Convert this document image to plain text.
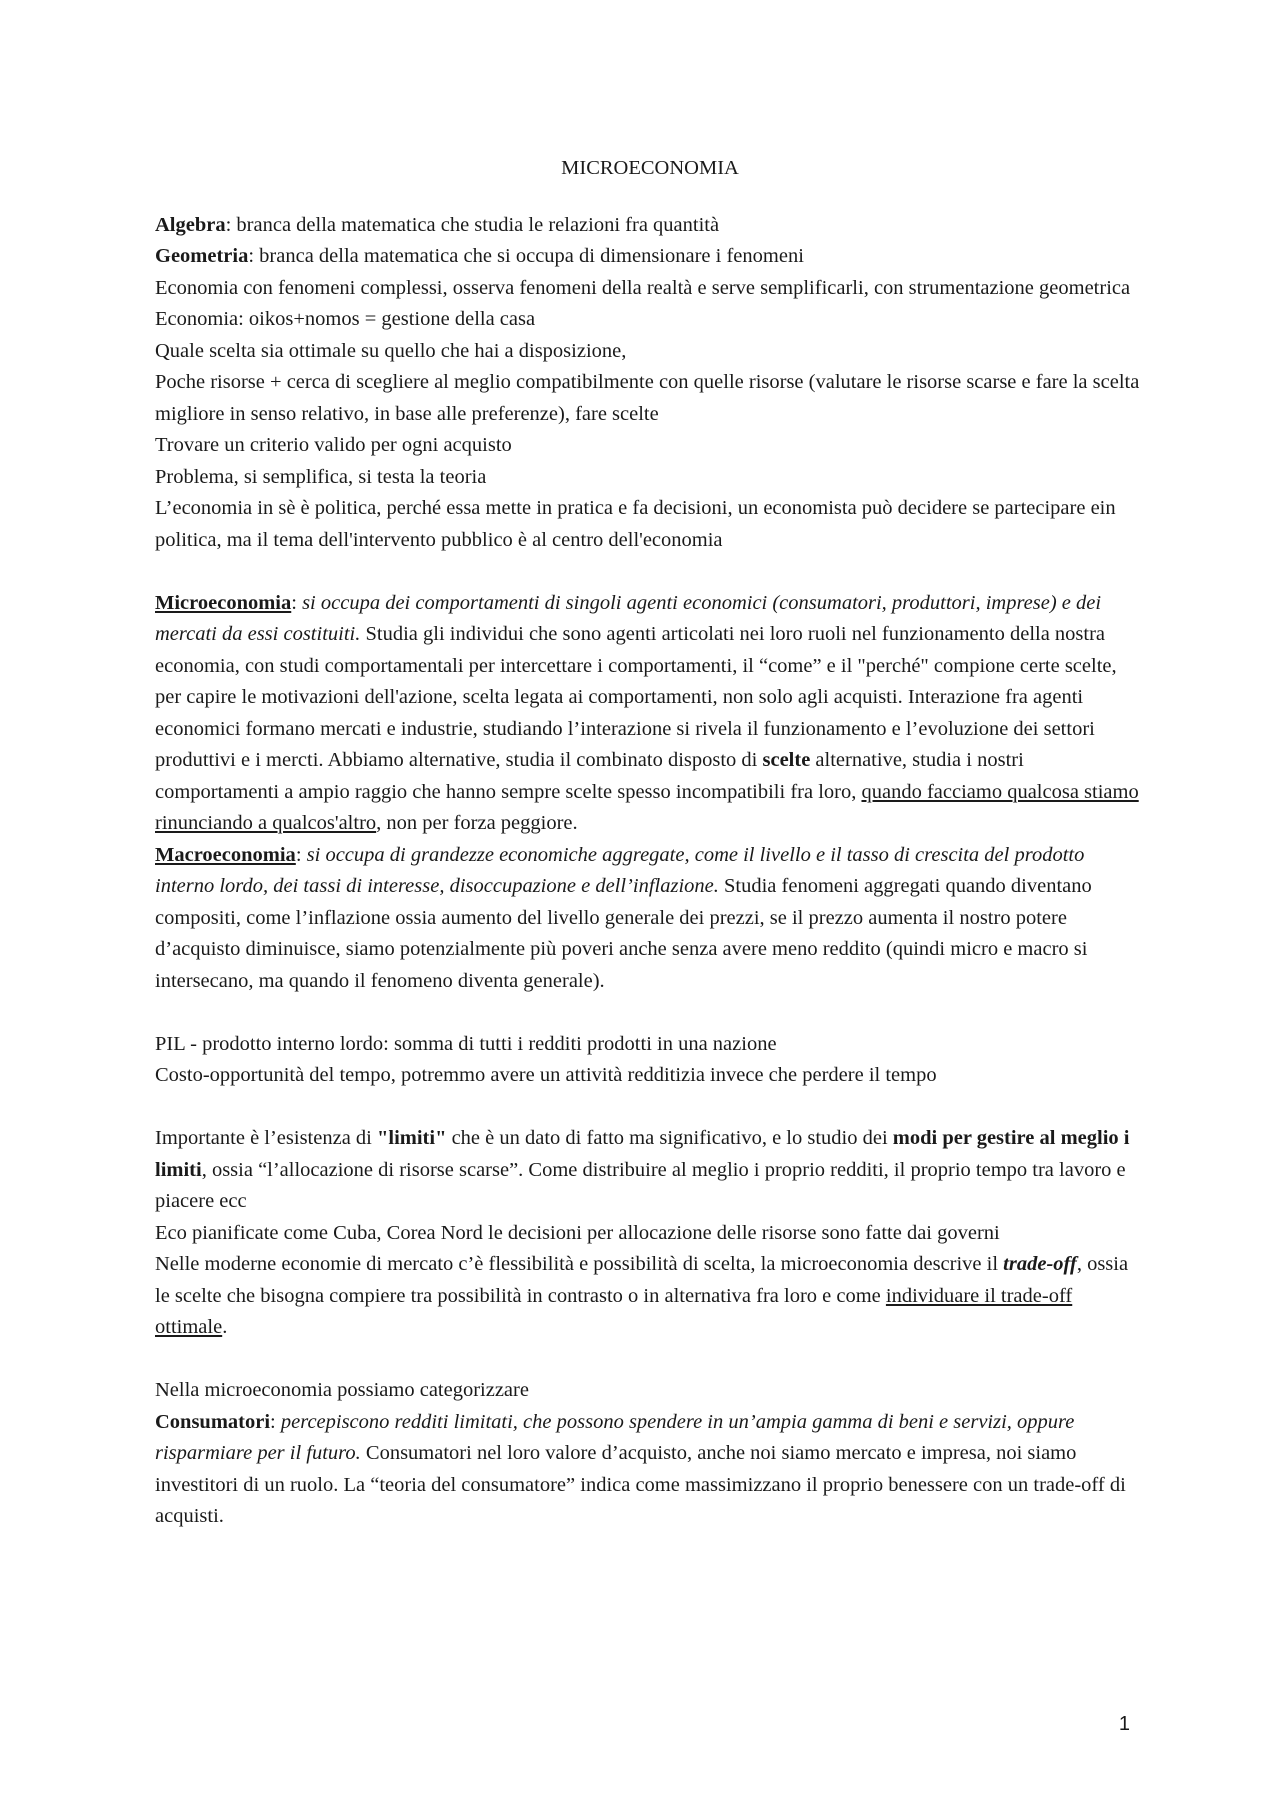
MICROECONOMIA

Algebra: branca della matematica che studia le relazioni fra quantità

Geometria: branca della matematica che si occupa di dimensionare i fenomeni

Economia con fenomeni complessi, osserva fenomeni della realtà e serve semplificarli, con strumentazione geometrica

Economia: oikos+nomos = gestione della casa

Quale scelta sia ottimale su quello che hai a disposizione,

Poche risorse + cerca di scegliere al meglio compatibilmente con quelle risorse (valutare le risorse scarse e fare la scelta migliore in senso relativo, in base alle preferenze), fare scelte

Trovare un criterio valido per ogni acquisto

Problema, si semplifica, si testa la teoria

L’economia in sè è politica, perché essa mette in pratica e fa decisioni, un economista può decidere se partecipare ein politica, ma il tema dell'intervento pubblico è al centro dell'economia

Microeconomia: si occupa dei comportamenti di singoli agenti economici (consumatori, produttori, imprese) e dei mercati da essi costituiti. Studia gli individui che sono agenti articolati nei loro ruoli nel funzionamento della nostra economia, con studi comportamentali per intercettare i comportamenti, il “come” e il "perché" compione certe scelte, per capire le motivazioni dell'azione, scelta legata ai comportamenti, non solo agli acquisti. Interazione fra agenti economici formano mercati e industrie, studiando l’interazione si rivela il funzionamento e l’evoluzione dei settori produttivi e i mercti. Abbiamo alternative, studia il combinato disposto di scelte alternative, studia i nostri comportamenti a ampio raggio che hanno sempre scelte spesso incompatibili fra loro, quando facciamo qualcosa stiamo rinunciando a qualcos'altro, non per forza peggiore.

Macroeconomia: si occupa di grandezze economiche aggregate, come il livello e il tasso di crescita del prodotto interno lordo, dei tassi di interesse, disoccupazione e dell’inflazione. Studia fenomeni aggregati quando diventano compositi, come l’inflazione ossia aumento del livello generale dei prezzi, se il prezzo aumenta il nostro potere d’acquisto diminuisce, siamo potenzialmente più poveri anche senza avere meno reddito (quindi micro e macro si intersecano, ma quando il fenomeno diventa generale).

PIL - prodotto interno lordo: somma di tutti i redditi prodotti in una nazione

Costo-opportunità del tempo, potremmo avere un attività redditizia invece che perdere il tempo

Importante è l’esistenza di "limiti" che è un dato di fatto ma significativo, e lo studio dei modi per gestire al meglio i limiti, ossia “l’allocazione di risorse scarse”. Come distribuire al meglio i proprio redditi, il proprio tempo tra lavoro e piacere ecc

Eco pianificate come Cuba, Corea Nord le decisioni per allocazione delle risorse sono fatte dai governi

Nelle moderne economie di mercato c’è flessibilità e possibilità di scelta, la microeconomia descrive il trade-off, ossia le scelte che bisogna compiere tra possibilità in contrasto o in alternativa fra loro e come individuare il trade-off ottimale.

Nella microeconomia possiamo categorizzare

Consumatori: percepiscono redditi limitati, che possono spendere in un’ampia gamma di beni e servizi, oppure risparmiare per il futuro. Consumatori nel loro valore d’acquisto, anche noi siamo mercato e impresa, noi siamo investitori di un ruolo. La “teoria del consumatore” indica come massimizzano il proprio benessere con un trade-off di acquisti.

1
